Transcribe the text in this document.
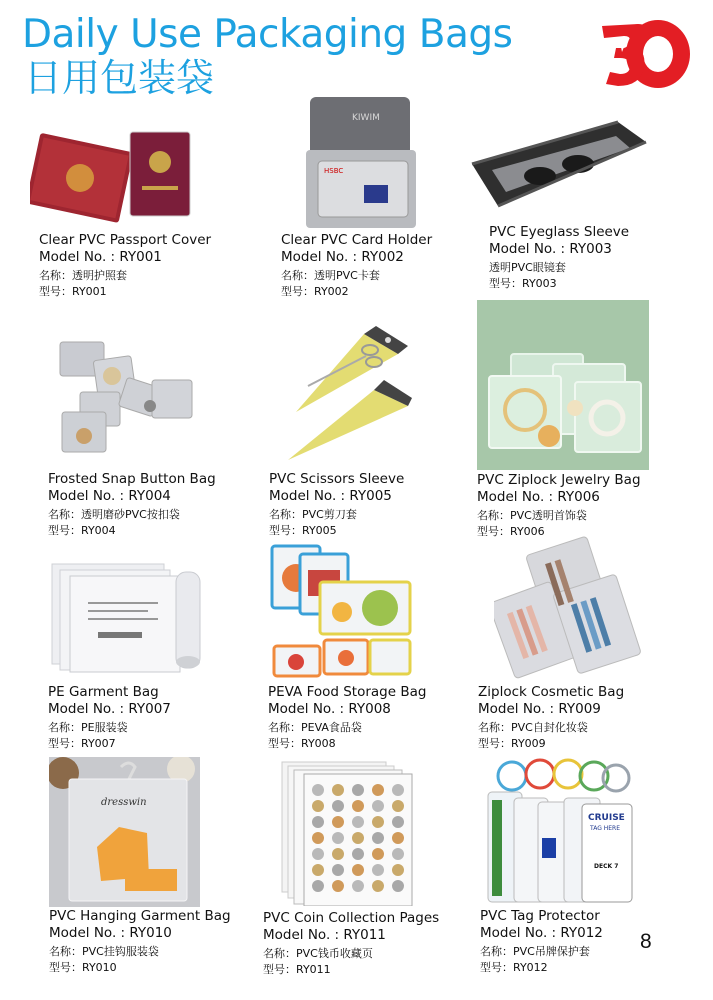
Daily Use Packaging Bags
日用包装袋
Clear PVC Passport Cover
Model No. : RY001
名称：透明护照套
型号：RY001
KIWIM
HSBC
Clear PVC Card Holder
Model No. : RY002
名称：透明PVC卡套
型号：RY002
PVC Eyeglass Sleeve
Model No. : RY003
透明PVC眼镜套
型号：RY003
Frosted Snap Button Bag
Model No. : RY004
名称：透明磨砂PVC按扣袋
型号：RY004
PVC Scissors Sleeve
Model No. : RY005
名称：PVC剪刀套
型号：RY005
PVC Ziplock Jewelry Bag
Model No. : RY006
名称：PVC透明首饰袋
型号：RY006
PE Garment Bag
Model No. : RY007
名称：PE服装袋
型号：RY007
PEVA Food Storage Bag
Model No. : RY008
名称：PEVA食品袋
型号：RY008
Ziplock Cosmetic Bag
Model No. : RY009
名称：PVC自封化妆袋
型号：RY009
dresswin
PVC Hanging Garment Bag
Model No. : RY010
名称：PVC挂钩服装袋
型号：RY010
PVC Coin Collection Pages
Model No. : RY011
名称：PVC钱币收藏页
型号：RY011
CRUISE
TAG HERE
DECK 7
PVC Tag Protector
Model No. : RY012
名称：PVC吊牌保护套
型号：RY012
8
